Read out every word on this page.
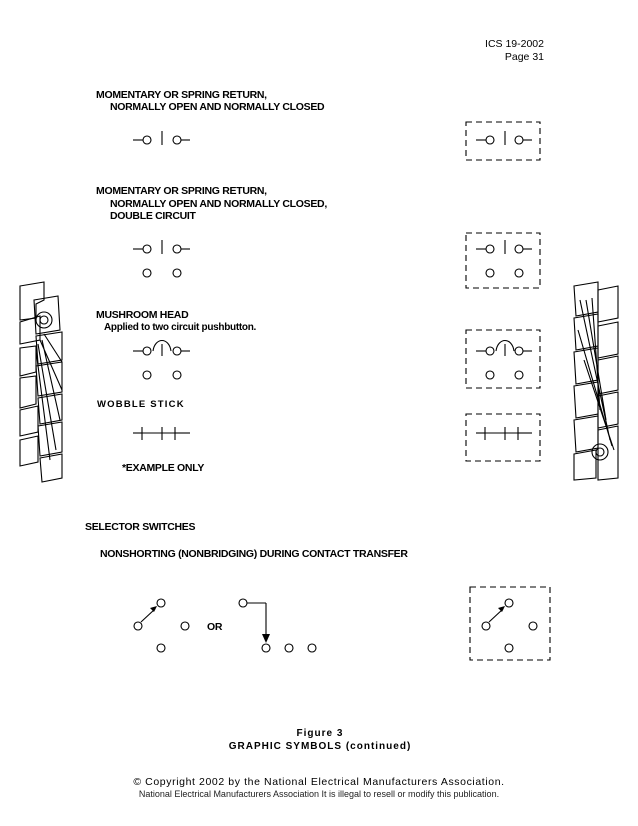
ICS 19-2002
Page 31
MOMENTARY OR SPRING RETURN,
NORMALLY OPEN AND NORMALLY CLOSED
MOMENTARY OR SPRING RETURN,
NORMALLY OPEN AND NORMALLY CLOSED,
DOUBLE CIRCUIT
MUSHROOM HEAD
Applied to two circuit pushbutton.
WOBBLE STICK
*EXAMPLE ONLY
SELECTOR SWITCHES
NONSHORTING (NONBRIDGING) DURING CONTACT TRANSFER
OR
Figure 3
GRAPHIC SYMBOLS (continued)
© Copyright 2002 by the National Electrical Manufacturers Association.
National Electrical Manufacturers Association It is illegal to resell or modify this publication.
